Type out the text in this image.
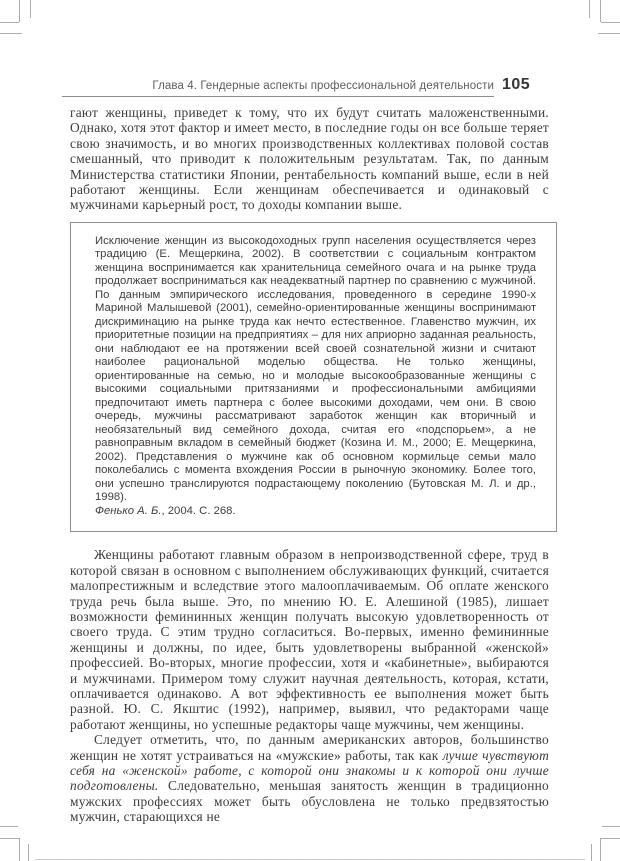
Глава 4. Гендерные аспекты профессиональной деятельности 105

гают женщины, приведет к тому, что их будут считать маложенственными. Однако, хотя этот фактор и имеет место, в последние годы он все больше теряет свою значимость, и во многих производственных коллективах половой состав смешанный, что приводит к положительным результатам. Так, по данным Министерства статистики Японии, рентабельность компаний выше, если в ней работают женщины. Если женщинам обеспечивается и одинаковый с мужчинами карьерный рост, то доходы компании выше.

Исключение женщин из высокодоходных групп населения осуществляется через традицию (Е. Мещеркина, 2002). В соответствии с социальным контрактом женщина воспринимается как хранительница семейного очага и на рынке труда продолжает восприниматься как неадекватный партнер по сравнению с мужчиной. По данным эмпирического исследования, проведенного в середине 1990-х Мариной Малышевой (2001), семейно-ориентированные женщины воспринимают дискриминацию на рынке труда как нечто естественное. Главенство мужчин, их приоритетные позиции на предприятиях – для них априорно заданная реальность, они наблюдают ее на протяжении всей своей сознательной жизни и считают наиболее рациональной моделью общества. Не только женщины, ориентированные на семью, но и молодые высокообразованные женщины с высокими социальными притязаниями и профессиональными амбициями предпочитают иметь партнера с более высокими доходами, чем они. В свою очередь, мужчины рассматривают заработок женщин как вторичный и необязательный вид семейного дохода, считая его «подспорьем», а не равноправным вкладом в семейный бюджет (Козина И. М., 2000; Е. Мещеркина, 2002). Представления о мужчине как об основном кормильце семьи мало поколебались с момента вхождения России в рыночную экономику. Более того, они успешно транслируются подрастающему поколению (Бутовская М. Л. и др., 1998).

Фенько А. Б., 2004. С. 268.

Женщины работают главным образом в непроизводственной сфере, труд в которой связан в основном с выполнением обслуживающих функций, считается малопрестижным и вследствие этого малооплачиваемым. Об оплате женского труда речь была выше. Это, по мнению Ю. Е. Алешиной (1985), лишает возможности фемининных женщин получать высокую удовлетворенность от своего труда. С этим трудно согласиться. Во-первых, именно фемининные женщины и должны, по идее, быть удовлетворены выбранной «женской» профессией. Во-вторых, многие профессии, хотя и «кабинетные», выбираются и мужчинами. Примером тому служит научная деятельность, которая, кстати, оплачивается одинаково. А вот эффективность ее выполнения может быть разной. Ю. С. Якштис (1992), например, выявил, что редакторами чаще работают женщины, но успешные редакторы чаще мужчины, чем женщины.

Следует отметить, что, по данным американских авторов, большинство женщин не хотят устраиваться на «мужские» работы, так как лучше чувствуют себя на «женской» работе, с которой они знакомы и к которой они лучше подготовлены. Следовательно, меньшая занятость женщин в традиционно мужских профессиях может быть обусловлена не только предвзятостью мужчин, старающихся не
